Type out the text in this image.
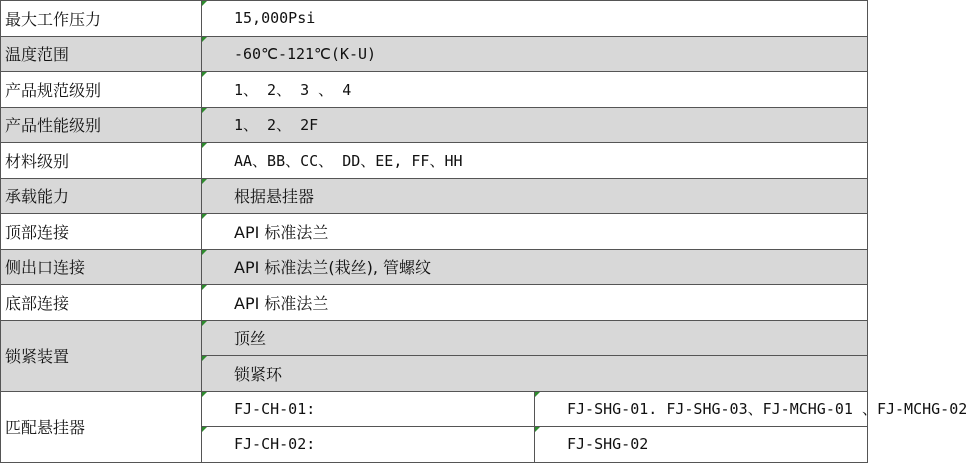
最大工作压力	15,000Psi	
温度范围	-60℃-121℃(K-U)	
产品规范级别	1、 2、 3 、 4	
产品性能级别	1、 2、 2F	
材料级别	AA、BB、CC、 DD、EE, FF、HH	
承载能力	根据悬挂器	
顶部连接	API 标准法兰	
侧出口连接	API 标准法兰(栽丝), 管螺纹	
底部连接	API 标准法兰	
锁紧装置	顶丝	
	锁紧环	
匹配悬挂器	FJ-CH-01:	FJ-SHG-01. FJ-SHG-03、FJ-MCHG-01 、FJ-MCHG-02
	FJ-CH-02:	FJ-SHG-02
